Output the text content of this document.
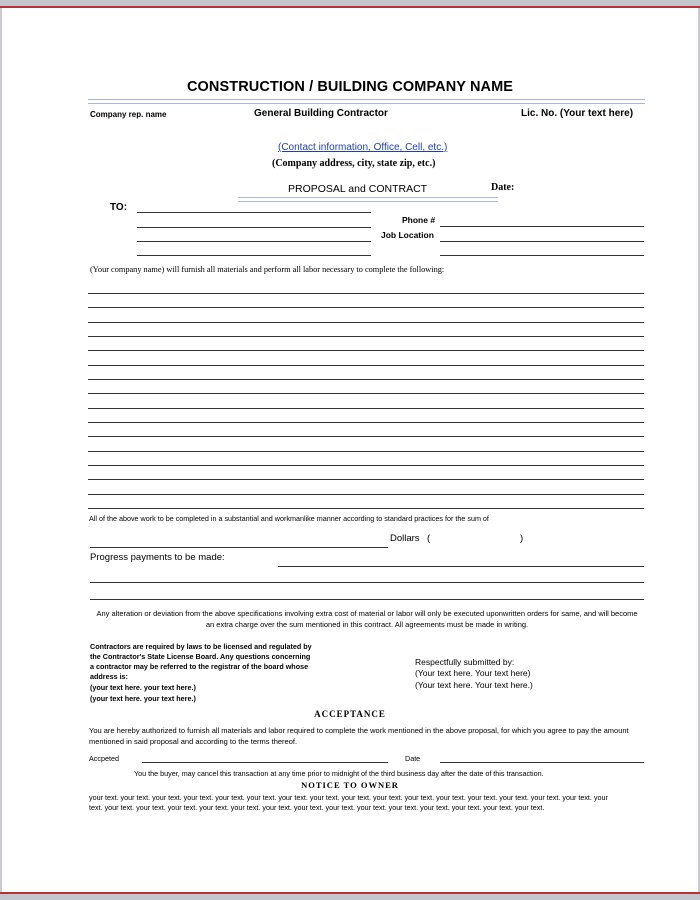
CONSTRUCTION / BUILDING COMPANY NAME
Company rep. name	General Building Contractor	Lic. No. (Your text here)
(Contact information, Office, Cell, etc.)
(Company address, city, state zip, etc.)
PROPOSAL and CONTRACT	Date:
TO:
Phone #
Job Location
(Your company name) will furnish all materials and perform all labor necessary to complete the following:
All of the above work to be completed in a substantial and workmanlike manner according to standard practices for the sum of
Dollars (	)
Progress payments to be made:
Any alteration or deviation from the above specifications involving extra cost of material or labor will only be executed uponwritten orders for same, and will become an extra charge over the sum mentioned in this contract. All agreements must be made in writing.
Contractors are required by laws to be licensed and regulated by
the Contractor's State License Board. Any questions concerning
a contractor may be referred to the registrar of the board whose
address is:
(your text here. your text here.)
(your text here. your text here.)
Respectfully submitted by:
(Your text here. Your text here)
(Your text here. Your text here.)
ACCEPTANCE
You are hereby authorized to furnish all materials and labor required to complete the work mentioned in the above proposal, for which you agree to pay the amount mentioned in said proposal and according to the terms thereof.
Accpeted	Date
You the buyer, may cancel this transaction at any time prior to midnight of the third business day after the date of this transaction.
NOTICE TO OWNER
your text. your text. your text. your text. your text. your text. your text. your text. your text. your text. your text. your text. your text. your text. your text. your text. your
text. your text. your text. your text. your text. your text. your text. your text. your text. your text. your text. your text. your text. your text. your text.
